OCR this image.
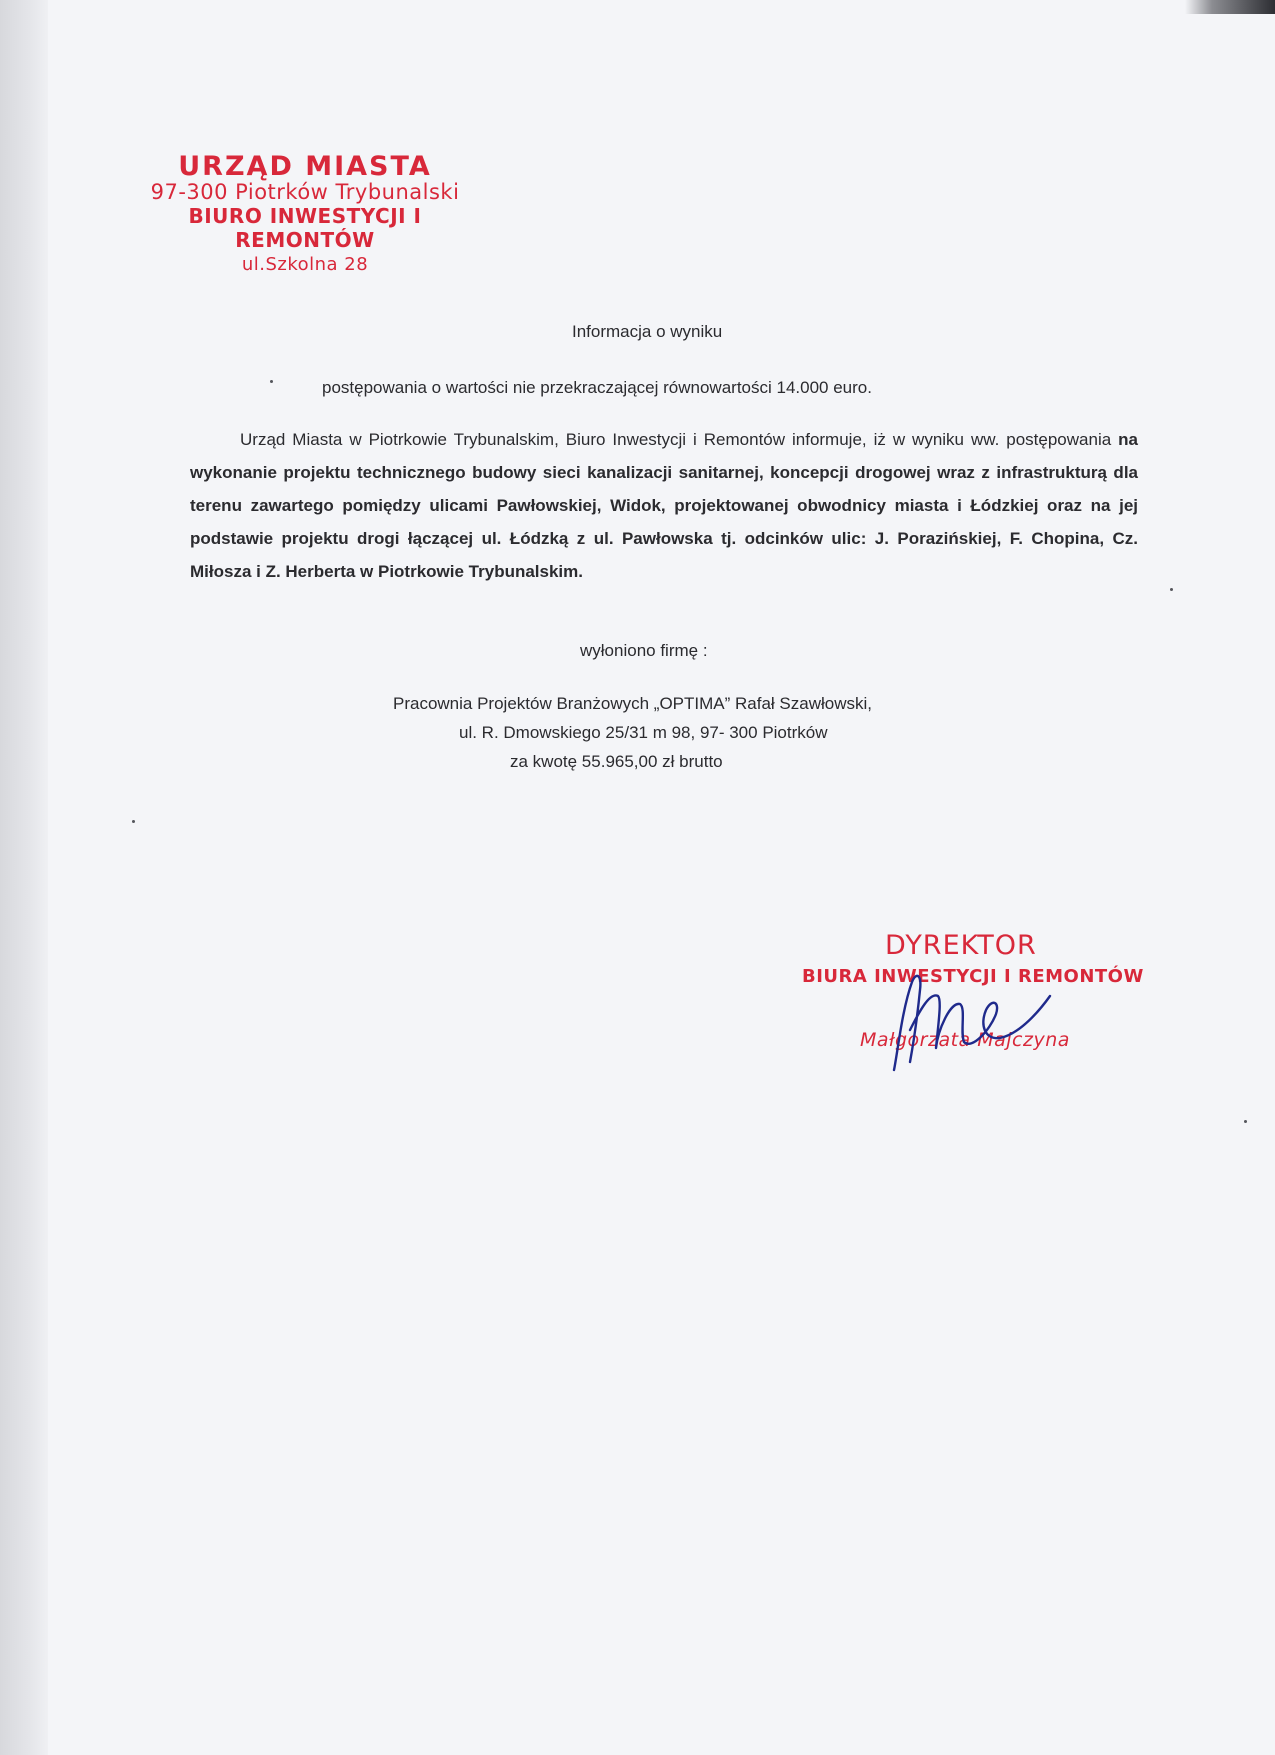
URZĄD MIASTA
97-300 Piotrków Trybunalski
BIURO INWESTYCJI I REMONTÓW
ul.Szkolna 28
Informacja o wyniku
postępowania o wartości nie przekraczającej równowartości 14.000 euro.
Urząd Miasta w Piotrkowie Trybunalskim, Biuro Inwestycji i Remontów informuje, iż w wyniku ww. postępowania na wykonanie projektu technicznego budowy sieci kanalizacji sanitarnej, koncepcji drogowej wraz z infrastrukturą dla terenu zawartego pomiędzy ulicami Pawłowskiej, Widok, projektowanej obwodnicy miasta i Łódzkiej oraz na jej podstawie projektu drogi łączącej ul. Łódzką z ul. Pawłowska tj. odcinków ulic: J. Porazińskiej, F. Chopina, Cz. Miłosza i Z. Herberta w Piotrkowie Trybunalskim.
wyłoniono firmę :
Pracownia Projektów Branżowych „OPTIMA” Rafał Szawłowski,
ul. R. Dmowskiego 25/31 m 98, 97- 300 Piotrków
za kwotę 55.965,00 zł brutto
DYREKTOR
BIURA INWESTYCJI I REMONTÓW
Małgorzata Majczyna
